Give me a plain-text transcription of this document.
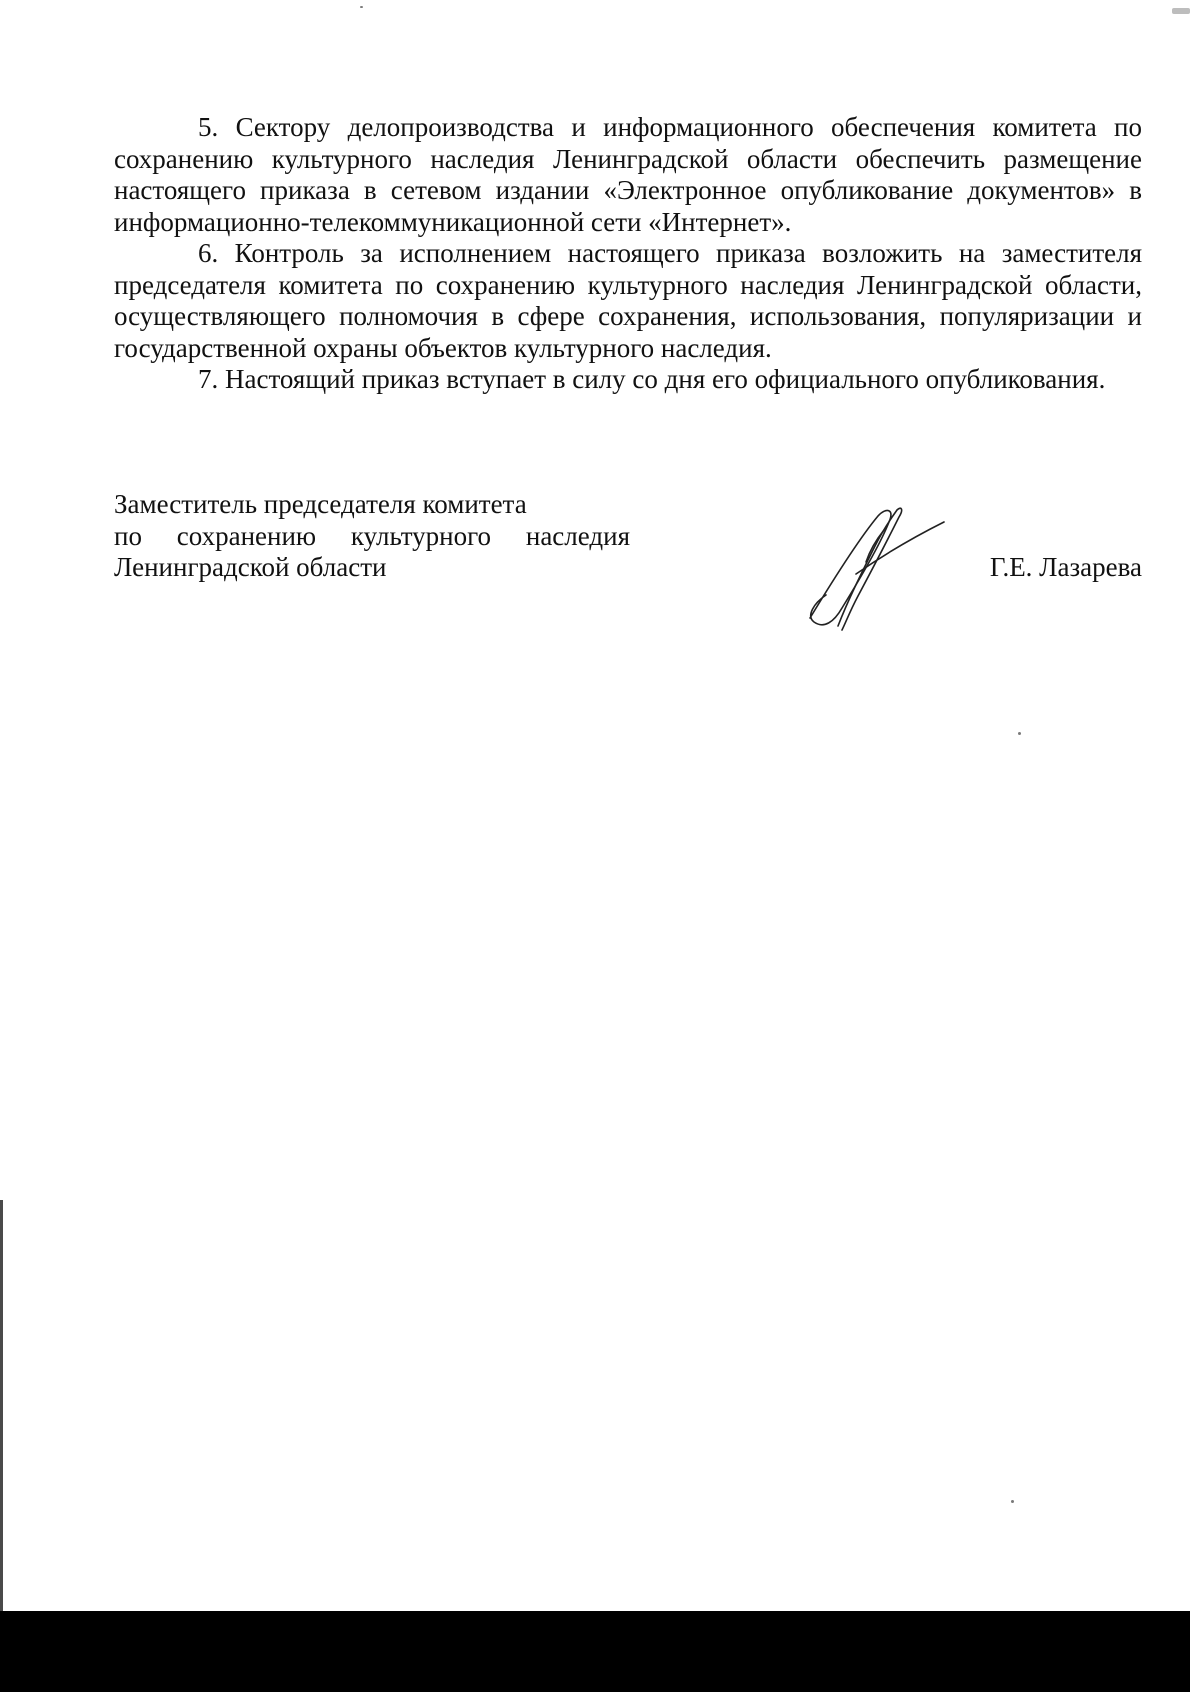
5. Сектору делопроизводства и информационного обеспечения комитета по сохранению культурного наследия Ленинградской области обеспечить размещение настоящего приказа в сетевом издании «Электронное опубликование документов» в информационно-телекоммуникационной сети «Интернет».

6. Контроль за исполнением настоящего приказа возложить на заместителя председателя комитета по сохранению культурного наследия Ленинградской области, осуществляющего полномочия в сфере сохранения, использования, популяризации и государственной охраны объектов культурного наследия.

7. Настоящий приказ вступает в силу со дня его официального опубликования.

Заместитель председателя комитета
по сохранению культурного наследия
Ленинградской области	Г.Е. Лазарева
